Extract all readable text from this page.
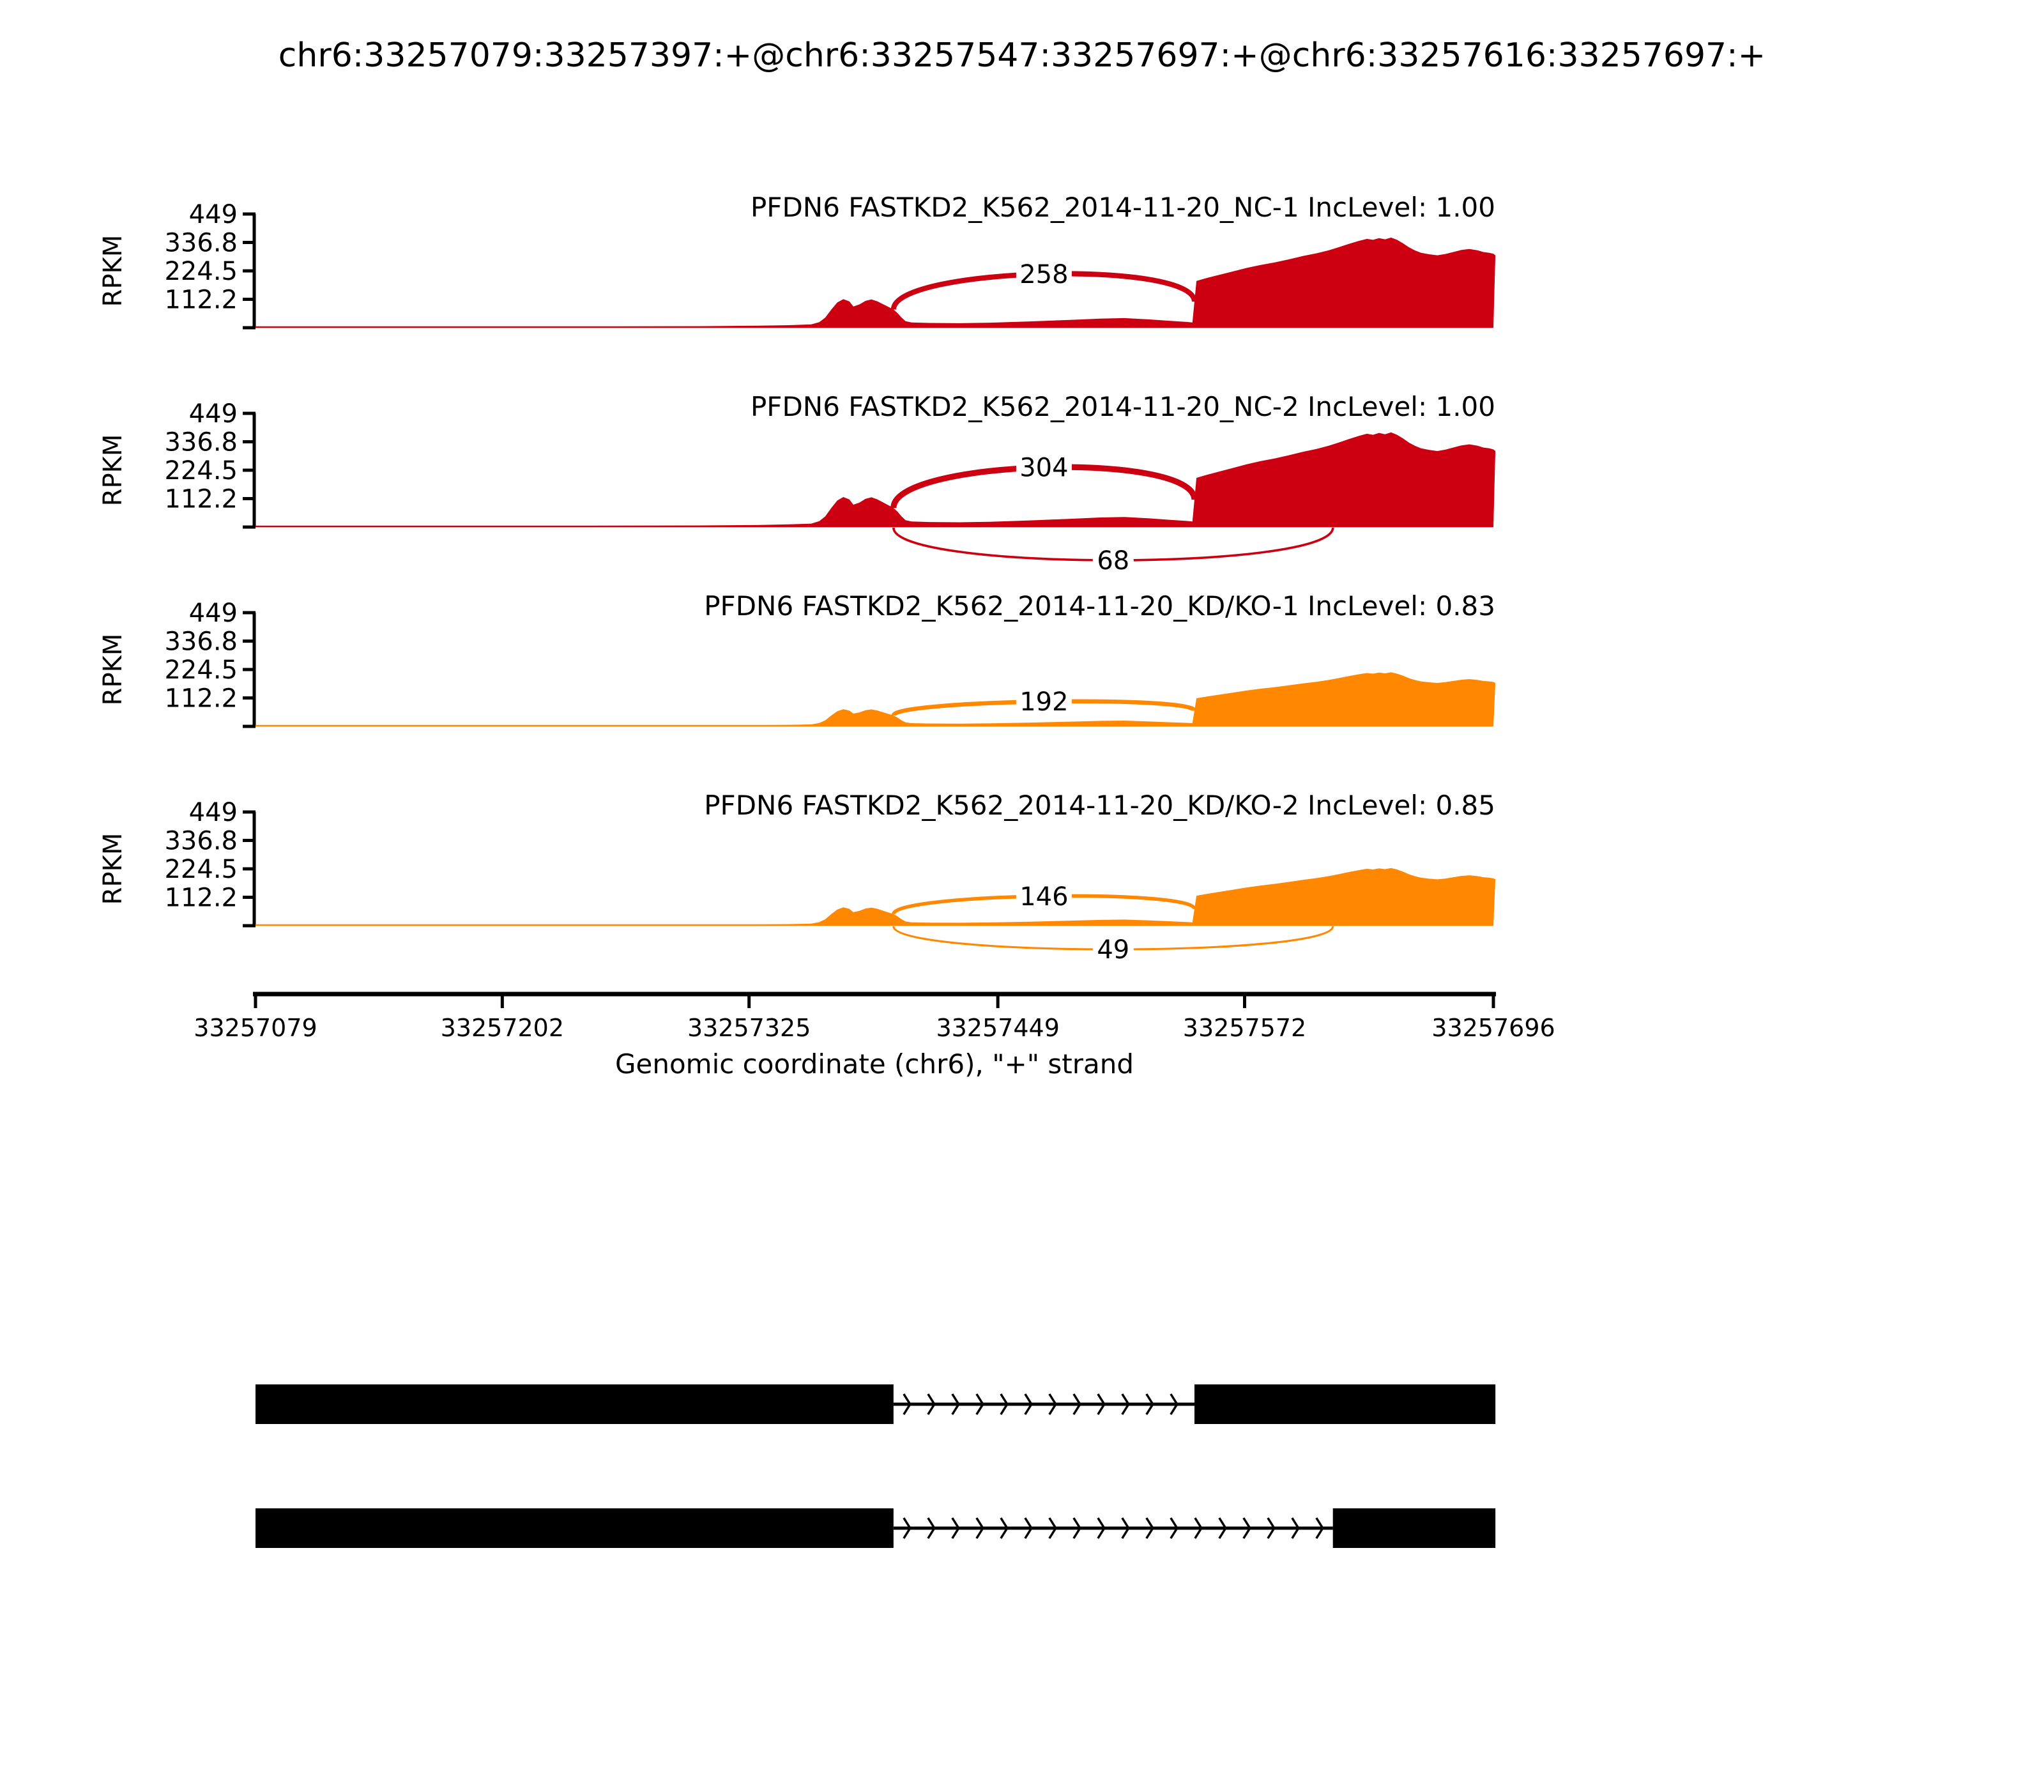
chr6:33257079:33257397:+@chr6:33257547:33257697:+@chr6:33257616:33257697:+
449
336.8
224.5
112.2
RPKM
PFDN6 FASTKD2_K562_2014-11-20_NC-1 IncLevel: 1.00
258
449
336.8
224.5
112.2
RPKM
PFDN6 FASTKD2_K562_2014-11-20_NC-2 IncLevel: 1.00
304
68
449
336.8
224.5
112.2
RPKM
PFDN6 FASTKD2_K562_2014-11-20_KD/KO-1 IncLevel: 0.83
192
449
336.8
224.5
112.2
RPKM
PFDN6 FASTKD2_K562_2014-11-20_KD/KO-2 IncLevel: 0.85
146
49
33257079	33257202	33257325	33257449	33257572	33257696
Genomic coordinate (chr6), "+" strand
